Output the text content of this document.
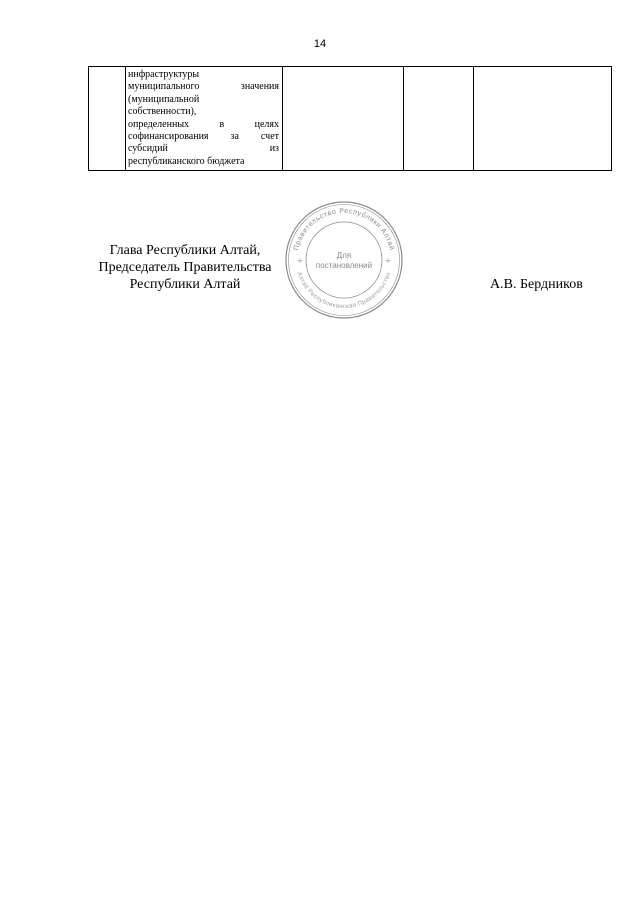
14

инфраструктуры
муниципального значения
(муниципальной
собственности),
определенных в целях
софинансирования за счет
субсидий из
республиканского бюджета

Правительство Республики Алтай
Алтай Республиканская Правительство
Для
постановлений
+	+
Глава Республики Алтай,
Председатель Правительства
Республики Алтай	А.В. Бердников
